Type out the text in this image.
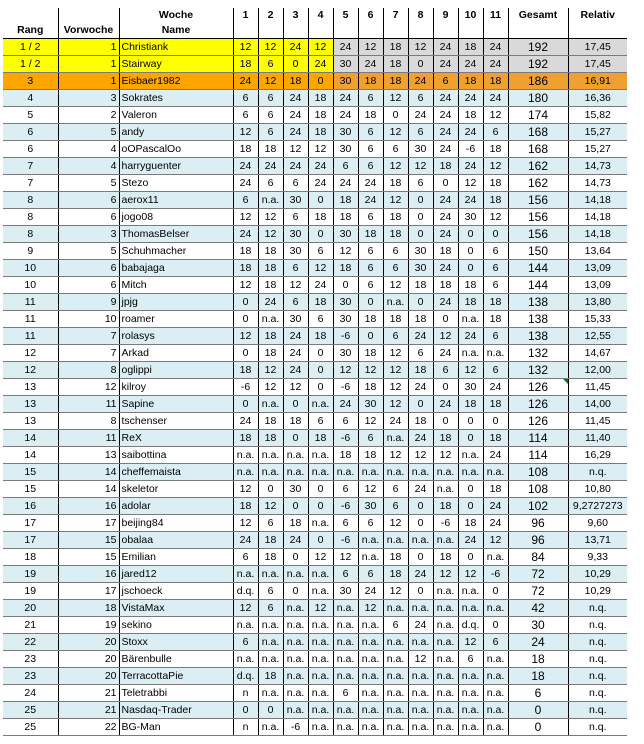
		Woche	1	2	3	4	5	6	7	8	9	10	11	Gesamt	Relativ
Rang	Vorwoche	Name													
1 / 2	1	Christiank	12	12	24	12	24	12	18	12	24	18	24	192	17,45
1 / 2	1	Stairway	18	6	0	24	30	24	18	0	24	24	24	192	17,45
3	1	Eisbaer1982	24	12	18	0	30	18	18	24	6	18	18	186	16,91
4	3	Sokrates	6	6	24	18	24	6	12	6	24	24	24	180	16,36
5	2	Valeron	6	6	24	18	24	18	0	24	24	18	12	174	15,82
6	5	andy	12	6	24	18	30	6	12	6	24	24	6	168	15,27
6	4	oOPascalOo	18	18	12	12	30	6	6	30	24	-6	18	168	15,27
7	4	harryguenter	24	24	24	24	6	6	12	12	18	24	12	162	14,73
7	5	Stezo	24	6	6	24	24	24	18	6	0	12	18	162	14,73
8	6	aerox11	6	n.a.	30	0	18	24	12	0	24	24	18	156	14,18
8	6	jogo08	12	12	6	18	18	6	18	0	24	30	12	156	14,18
8	3	ThomasBelser	24	12	30	0	30	18	18	0	24	0	0	156	14,18
9	5	Schuhmacher	18	18	30	6	12	6	6	30	18	0	6	150	13,64
10	6	babajaga	18	18	6	12	18	6	6	30	24	0	6	144	13,09
10	6	Mitch	12	18	12	24	0	6	12	18	18	18	6	144	13,09
11	9	jpjg	0	24	6	18	30	0	n.a.	0	24	18	18	138	13,80
11	10	roamer	0	n.a.	30	6	30	18	18	18	0	n.a.	18	138	15,33
11	7	rolasys	12	18	24	18	-6	0	6	24	12	24	6	138	12,55
12	7	Arkad	0	18	24	0	30	18	12	6	24	n.a.	n.a.	132	14,67
12	8	oglippi	18	12	24	0	12	12	12	18	6	12	6	132	12,00
13	12	kilroy	-6	12	12	0	-6	18	12	24	0	30	24	126	11,45
13	11	Sapine	0	n.a.	0	n.a.	24	30	12	0	24	18	18	126	14,00
13	8	tschenser	24	18	18	6	6	12	24	18	0	0	0	126	11,45
14	11	ReX	18	18	0	18	-6	6	n.a.	24	18	0	18	114	11,40
14	13	saibottina	n.a.	n.a.	n.a.	n.a.	18	18	12	12	12	n.a.	24	114	16,29
15	14	cheffemaista	n.a.	n.a.	n.a.	n.a.	n.a.	n.a.	n.a.	n.a.	n.a.	n.a.	n.a.	108	n.q.
15	14	skeletor	12	0	30	0	6	12	6	24	n.a.	0	18	108	10,80
16	16	adolar	18	12	0	0	-6	30	6	0	18	0	24	102	9,2727273
17	17	beijing84	12	6	18	n.a.	6	6	12	0	-6	18	24	96	9,60
17	15	obalaa	24	18	24	0	-6	n.a.	n.a.	n.a.	n.a.	24	12	96	13,71
18	15	Emilian	6	18	0	12	12	n.a.	18	0	18	0	n.a.	84	9,33
19	16	jared12	n.a.	n.a.	n.a.	n.a.	6	6	18	24	12	12	-6	72	10,29
19	17	jschoeck	d.q.	6	0	n.a.	30	24	12	0	n.a.	n.a.	0	72	10,29
20	18	VistaMax	12	6	n.a.	12	n.a.	12	n.a.	n.a.	n.a.	n.a.	n.a.	42	n.q.
21	19	sekino	n.a.	n.a.	n.a.	n.a.	n.a.	n.a.	6	24	n.a.	d.q.	0	30	n.q.
22	20	Stoxx	6	n.a.	n.a.	n.a.	n.a.	n.a.	n.a.	n.a.	n.a.	12	6	24	n.q.
23	20	Bärenbulle	n.a.	n.a.	n.a.	n.a.	n.a.	n.a.	n.a.	12	n.a.	6	n.a.	18	n.q.
23	20	TerracottaPie	d.q.	18	n.a.	n.a.	n.a.	n.a.	n.a.	n.a.	n.a.	n.a.	n.a.	18	n.q.
24	21	Teletrabbi	n	n.a.	n.a.	n.a.	6	n.a.	n.a.	n.a.	n.a.	n.a.	n.a.	6	n.q.
25	21	Nasdaq-Trader	0	0	n.a.	n.a.	n.a.	n.a.	n.a.	n.a.	n.a.	n.a.	n.a.	0	n.q.
25	22	BG-Man	n	n.a.	-6	n.a.	n.a.	n.a.	n.a.	n.a.	n.a.	n.a.	n.a.	0	n.q.
